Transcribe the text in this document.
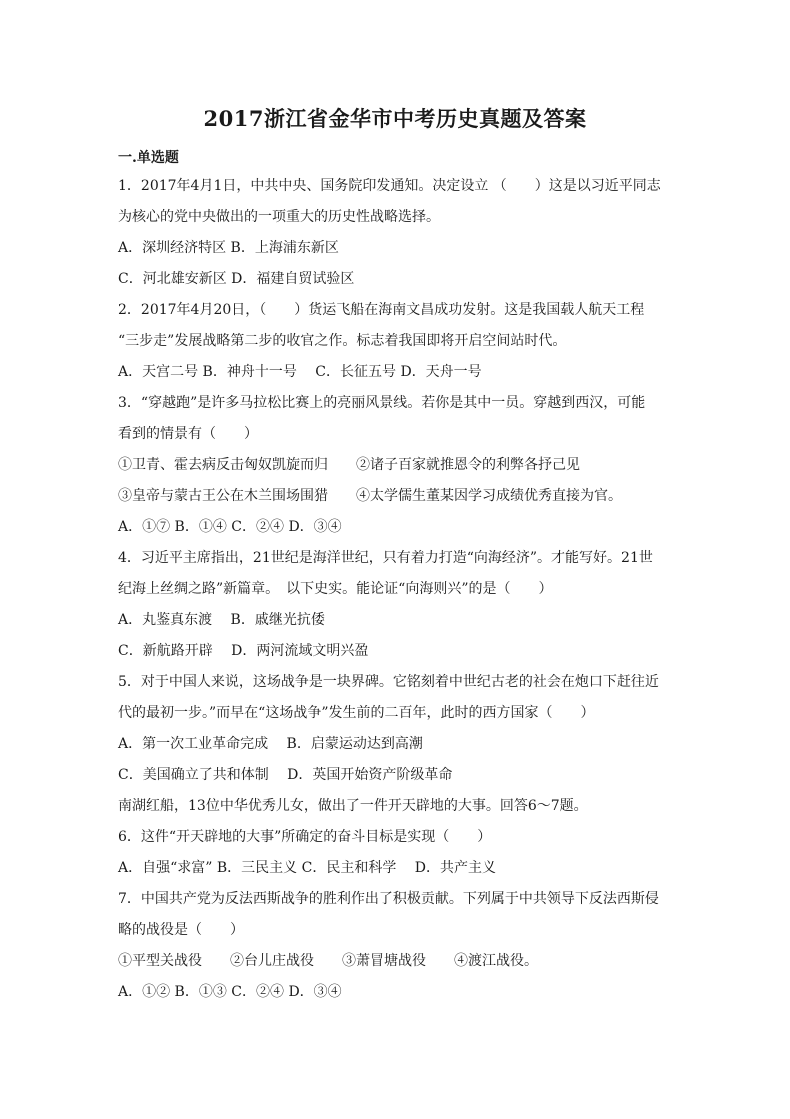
2017浙江省金华市中考历史真题及答案
一.单选题
1．2017年4月1日，中共中央、国务院印发通知。决定设立 （　　）这是以习近平同志
为核心的党中央做出的一项重大的历史性战略选择。
A．深圳经济特区 B．上海浦东新区
C．河北雄安新区 D．福建自贸试验区
2．2017年4月20日，（　　）货运飞船在海南文昌成功发射。这是我国载人航天工程
“三步走”发展战略第二步的收官之作。标志着我国即将开启空间站时代。
A．天宫二号 B．神舟十一号　 C．长征五号 D．天舟一号
3．“穿越跑”是许多马拉松比赛上的亮丽风景线。若你是其中一员。穿越到西汉，可能
看到的情景有（　　）
①卫青、霍去病反击匈奴凯旋而归　　②诸子百家就推恩令的利弊各抒己见
③皇帝与蒙古王公在木兰围场围猎　　④太学儒生董某因学习成绩优秀直接为官。
A．①⑦ B．①④ C．②④ D．③④
4．习近平主席指出，21世纪是海洋世纪，只有着力打造“向海经济”。才能写好。21世
纪海上丝绸之路”新篇章。　以下史实。能论证“向海则兴”的是（　　）
A．丸鉴真东渡　 B．戚继光抗倭
C．新航路开辟　 D．两河流域文明兴盈
5．对于中国人来说，这场战争是一块界碑。它铭刻着中世纪古老的社会在炮口下赶往近
代的最初一步。”而早在“这场战争”发生前的二百年，此时的西方国家（　　）
A．第一次工业革命完成　 B．启蒙运动达到高潮
C．美国确立了共和体制　 D．英国开始资产阶级革命
南湖红船，13位中华优秀儿女，做出了一件开天辟地的大事。回答6～7题。
6．这件“开天辟地的大事”所确定的奋斗目标是实现（　　）
A．自强“求富” B．三民主义 C．民主和科学　 D．共产主义
7．中国共产党为反法西斯战争的胜利作出了积极贡献。下列属于中共领导下反法西斯侵
略的战役是（　　）
①平型关战役　　②台儿庄战役　　③萧冒塘战役　　④渡江战役。
A．①② B．①③ C．②④ D．③④
